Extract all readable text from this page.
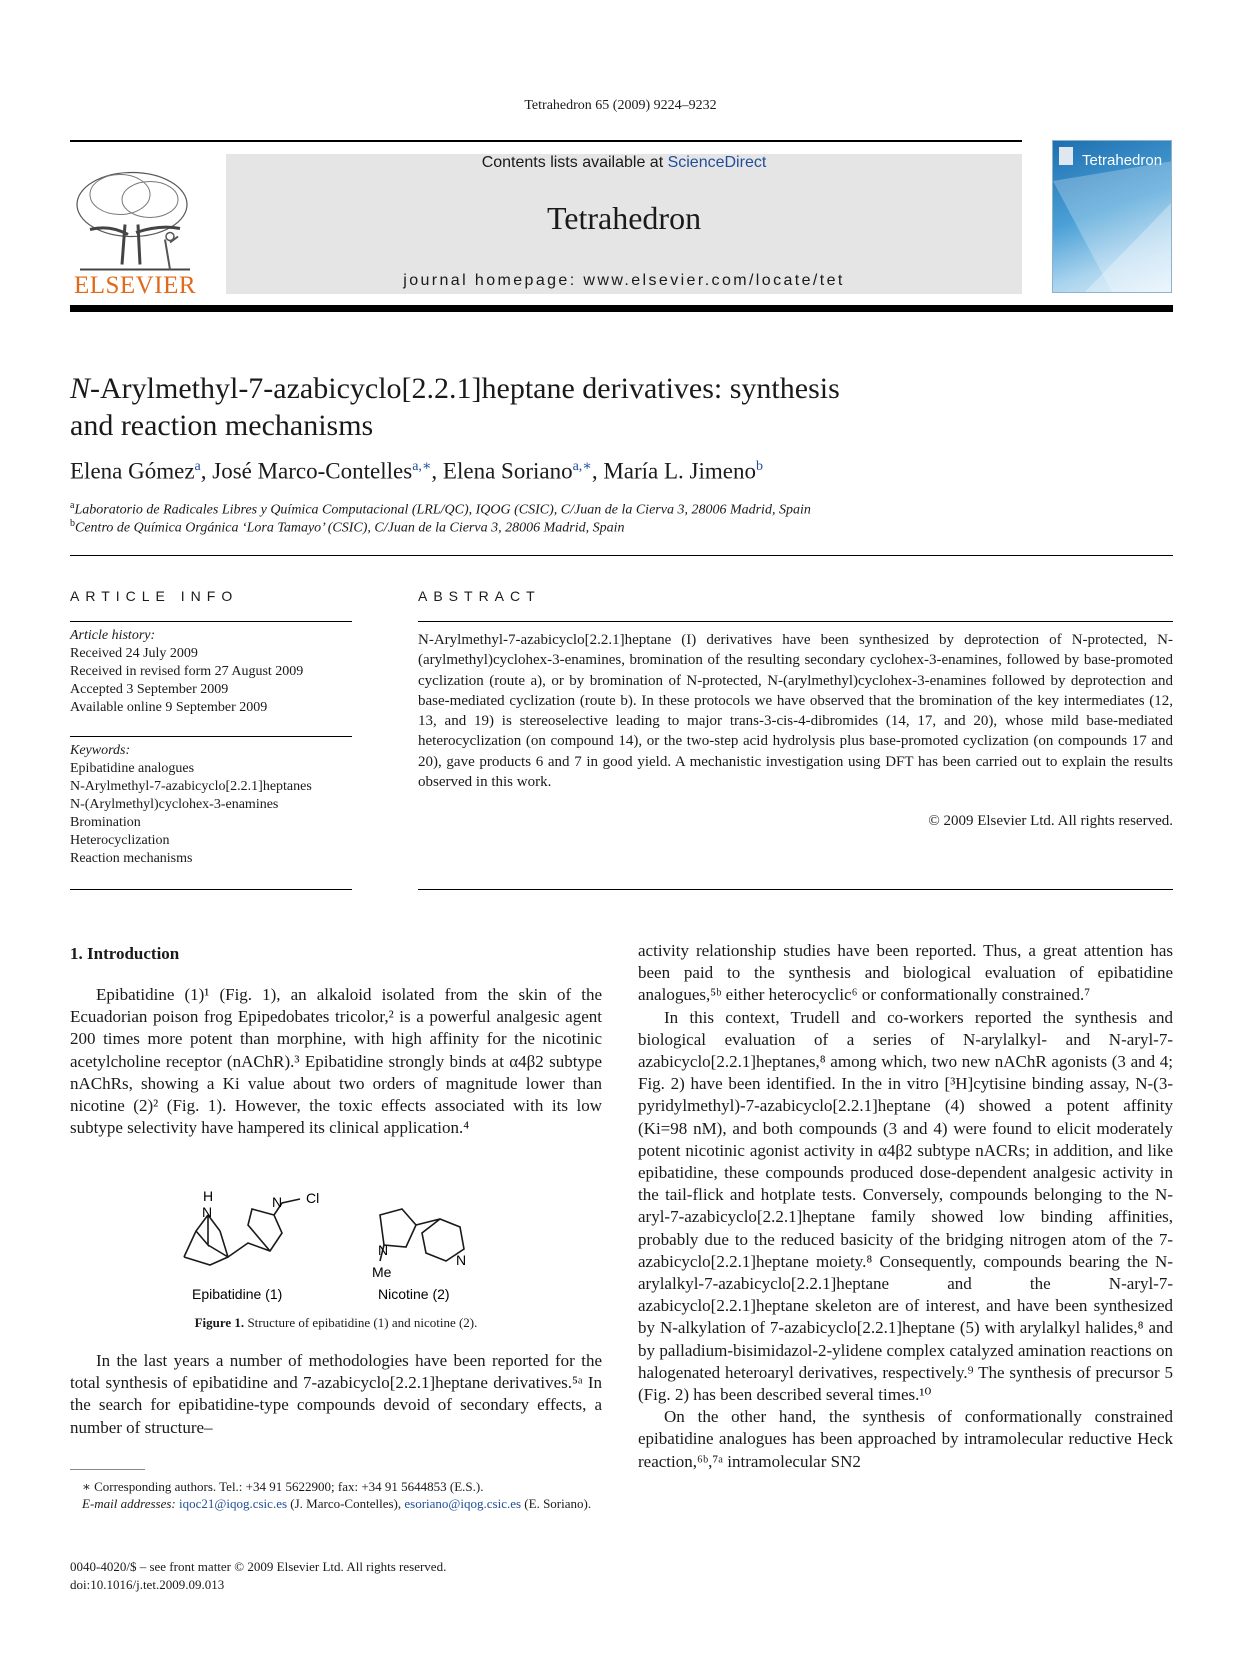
Tetrahedron 65 (2009) 9224–9232
ELSEVIER
Contents lists available at ScienceDirect
Tetrahedron
journal homepage: www.elsevier.com/locate/tet
Tetrahedron
N-Arylmethyl-7-azabicyclo[2.2.1]heptane derivatives: synthesis
and reaction mechanisms
Elena Gómez$^a$, José Marco-Contelles$^{a,∗}$, Elena Soriano$^{a,∗}$, María L. Jimeno$^b$
$^a$Laboratorio de Radicales Libres y Química Computacional (LRL/QC), IQOG (CSIC), C/Juan de la Cierva 3, 28006 Madrid, Spain
$^b$Centro de Química Orgánica ‘Lora Tamayo’ (CSIC), C/Juan de la Cierva 3, 28006 Madrid, Spain
ARTICLE INFO
Article history:
Received 24 July 2009
Received in revised form 27 August 2009
Accepted 3 September 2009
Available online 9 September 2009
Keywords:
Epibatidine analogues
N-Arylmethyl-7-azabicyclo[2.2.1]heptanes
N-(Arylmethyl)cyclohex-3-enamines
Bromination
Heterocyclization
Reaction mechanisms
ABSTRACT
N-Arylmethyl-7-azabicyclo[2.2.1]heptane (I) derivatives have been synthesized by deprotection of N-protected, N-(arylmethyl)cyclohex-3-enamines, bromination of the resulting secondary cyclohex-3-enamines, followed by base-promoted cyclization (route a), or by bromination of N-protected, N-(arylmethyl)cyclohex-3-enamines followed by deprotection and base-mediated cyclization (route b). In these protocols we have observed that the bromination of the key intermediates (12, 13, and 19) is stereoselective leading to major trans-3-cis-4-dibromides (14, 17, and 20), whose mild base-mediated heterocyclization (on compound 14), or the two-step acid hydrolysis plus base-promoted cyclization (on compounds 17 and 20), gave products 6 and 7 in good yield. A mechanistic investigation using DFT has been carried out to explain the results observed in this work.
© 2009 Elsevier Ltd. All rights reserved.
1. Introduction

Epibatidine (1)¹ (Fig. 1), an alkaloid isolated from the skin of the Ecuadorian poison frog Epipedobates tricolor,² is a powerful analgesic agent 200 times more potent than morphine, with high affinity for the nicotinic acetylcholine receptor (nAChR).³ Epibatidine strongly binds at α4β2 subtype nAChRs, showing a Ki value about two orders of magnitude lower than nicotine (2)² (Fig. 1). However, the toxic effects associated with its low subtype selectivity have hampered its clinical application.⁴

H
N
N Cl
N
Me
N
Epibatidine (1)	Nicotine (2)
Figure 1. Structure of epibatidine (1) and nicotine (2).

In the last years a number of methodologies have been reported for the total synthesis of epibatidine and 7-azabicyclo[2.2.1]heptane derivatives.⁵ᵃ In the search for epibatidine-type compounds devoid of secondary effects, a number of structure–

activity relationship studies have been reported. Thus, a great attention has been paid to the synthesis and biological evaluation of epibatidine analogues,⁵ᵇ either heterocyclic⁶ or conformationally constrained.⁷

In this context, Trudell and co-workers reported the synthesis and biological evaluation of a series of N-arylalkyl- and N-aryl-7-azabicyclo[2.2.1]heptanes,⁸ among which, two new nAChR agonists (3 and 4; Fig. 2) have been identified. In the in vitro [³H]cytisine binding assay, N-(3-pyridylmethyl)-7-azabicyclo[2.2.1]heptane (4) showed a potent affinity (Ki=98 nM), and both compounds (3 and 4) were found to elicit moderately potent nicotinic agonist activity in α4β2 subtype nACRs; in addition, and like epibatidine, these compounds produced dose-dependent analgesic activity in the tail-flick and hotplate tests. Conversely, compounds belonging to the N-aryl-7-azabicyclo[2.2.1]heptane family showed low binding affinities, probably due to the reduced basicity of the bridging nitrogen atom of the 7-azabicyclo[2.2.1]heptane moiety.⁸ Consequently, compounds bearing the N-arylalkyl-7-azabicyclo[2.2.1]heptane and the N-aryl-7-azabicyclo[2.2.1]heptane skeleton are of interest, and have been synthesized by N-alkylation of 7-azabicyclo[2.2.1]heptane (5) with arylalkyl halides,⁸ and by palladium-bisimidazol-2-ylidene complex catalyzed amination reactions on halogenated heteroaryl derivatives, respectively.⁹ The synthesis of precursor 5 (Fig. 2) has been described several times.¹⁰

On the other hand, the synthesis of conformationally constrained epibatidine analogues has been approached by intramolecular reductive Heck reaction,⁶ᵇ,⁷ᵃ intramolecular SN2

∗ Corresponding authors. Tel.: +34 91 5622900; fax: +34 91 5644853 (E.S.).
E-mail addresses: iqoc21@iqog.csic.es (J. Marco-Contelles), esoriano@iqog.csic.es (E. Soriano).
0040-4020/$ – see front matter © 2009 Elsevier Ltd. All rights reserved.
doi:10.1016/j.tet.2009.09.013
